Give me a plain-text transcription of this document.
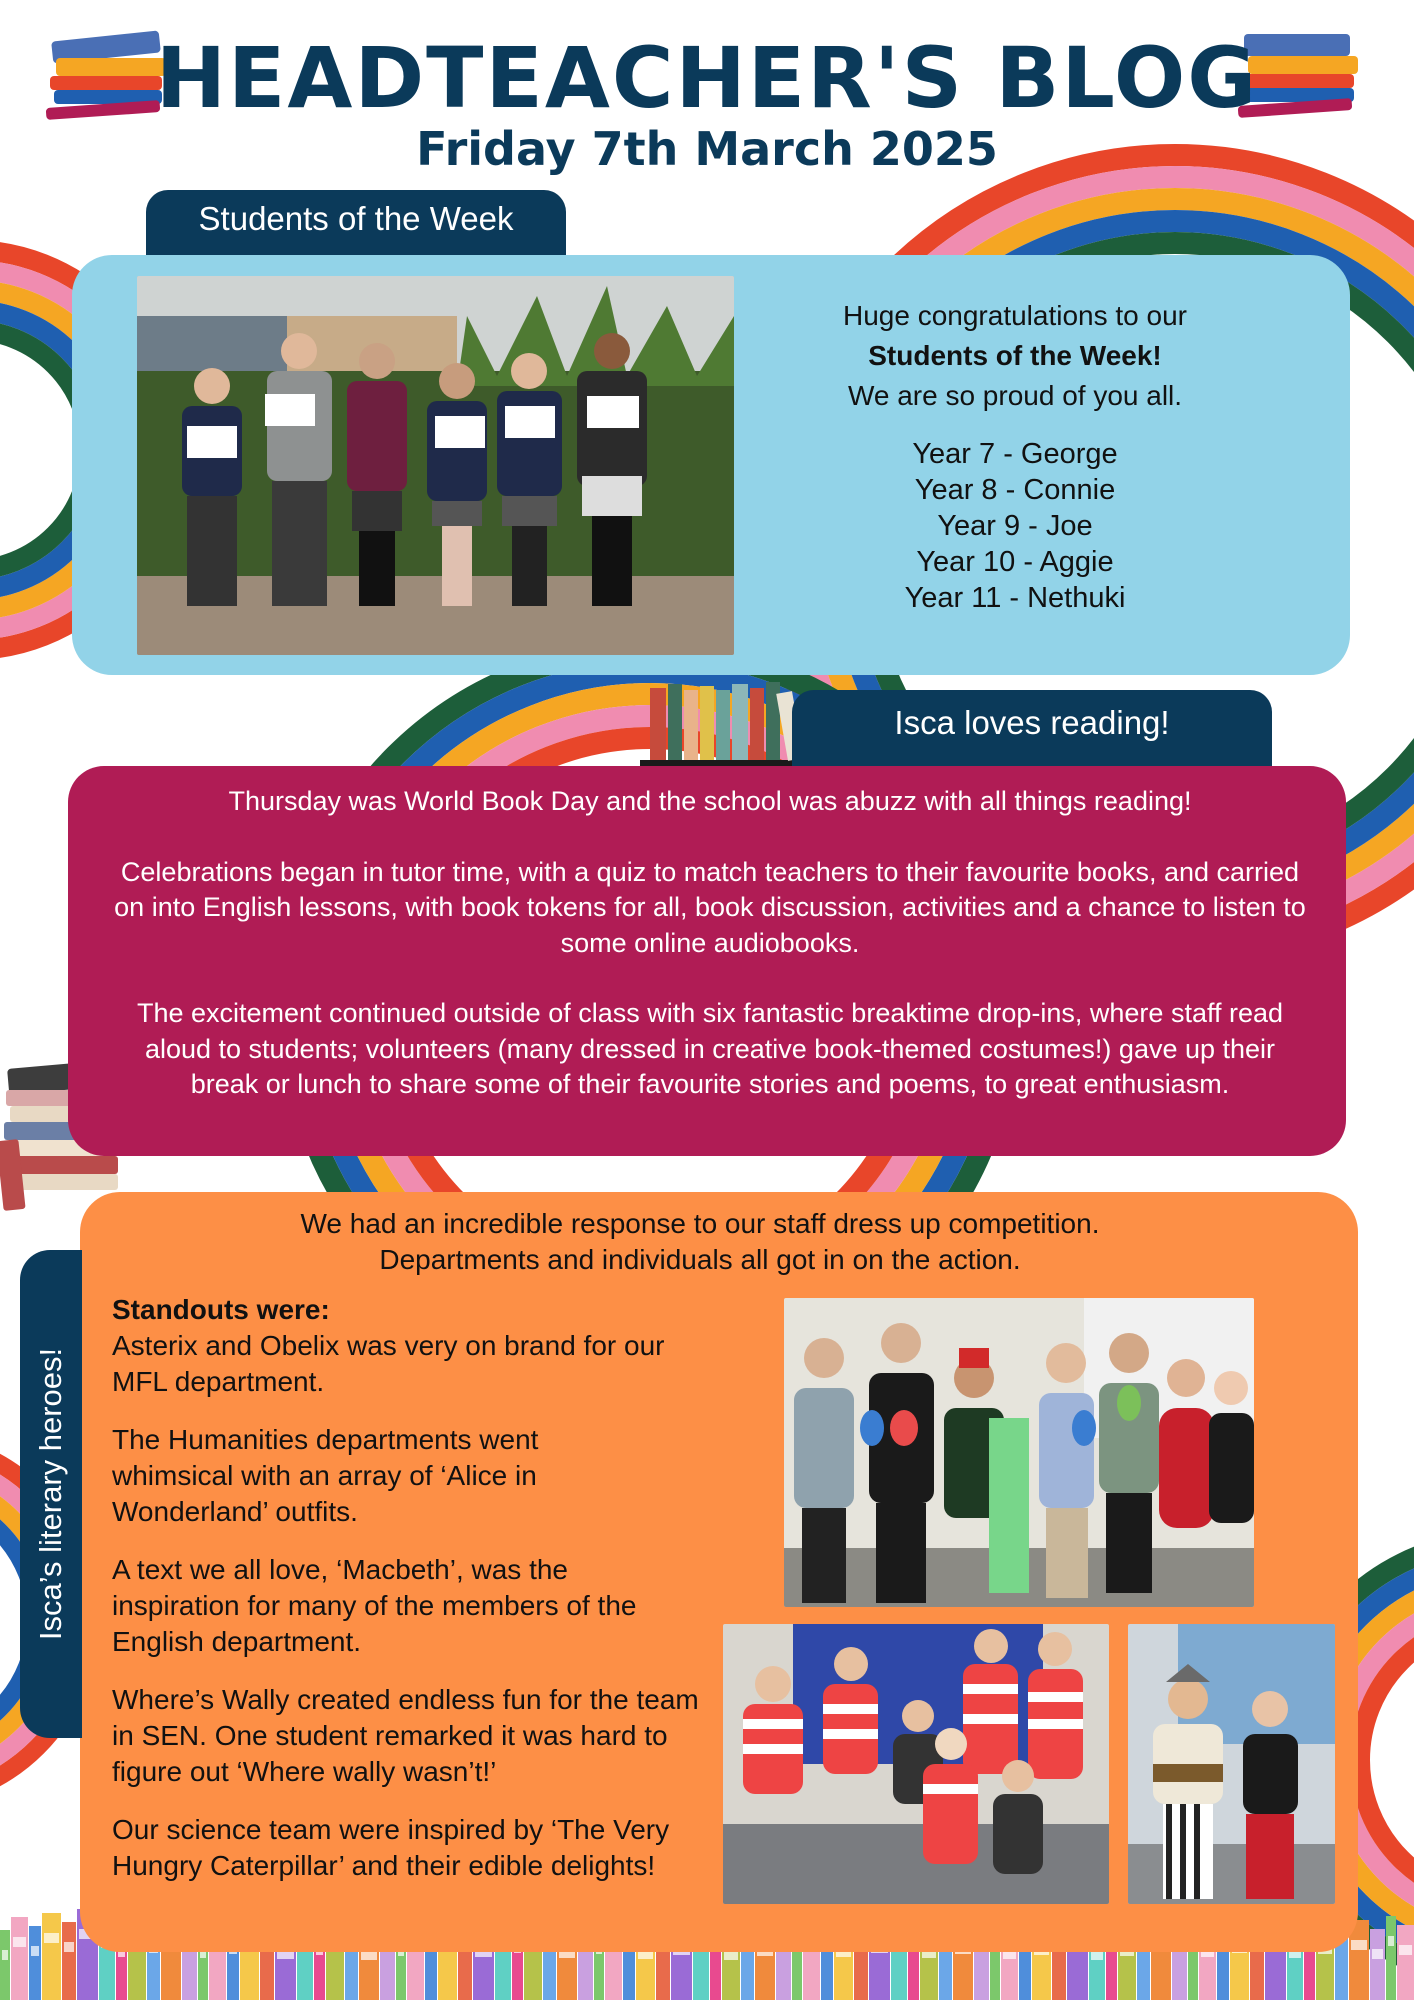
HEADTEACHER'S BLOG
Friday 7th March 2025
Students of the Week
Huge congratulations to our
Students of the Week!
We are so proud of you all.
Year 7 - George
Year 8 - Connie
Year 9 - Joe
Year 10 - Aggie
Year 11 - Nethuki
Isca loves reading!

Thursday was World Book Day and the school was abuzz with all things reading!

Celebrations began in tutor time, with a quiz to match teachers to their favourite books, and carried on into English lessons, with book tokens for all, book discussion, activities and a chance to listen to some online audiobooks.

The excitement continued outside of class with six fantastic breaktime drop-ins, where staff read aloud to students; volunteers (many dressed in creative book-themed costumes!) gave up their break or lunch to share some of their favourite stories and poems, to great enthusiasm.

Isca’s literary heroes!
We had an incredible response to our staff dress up competition.
Departments and individuals all got in on the action.

Standouts were:

Asterix and Obelix was very on brand for our MFL department.

The Humanities departments went whimsical with an array of ‘Alice in Wonderland’ outfits.

A text we all love, ‘Macbeth’, was the inspiration for many of the members of the English department.

Where’s Wally created endless fun for the team in SEN. One student remarked it was hard to figure out ‘Where wally wasn’t!’

Our science team were inspired by ‘The Very Hungry Caterpillar’ and their edible delights!
